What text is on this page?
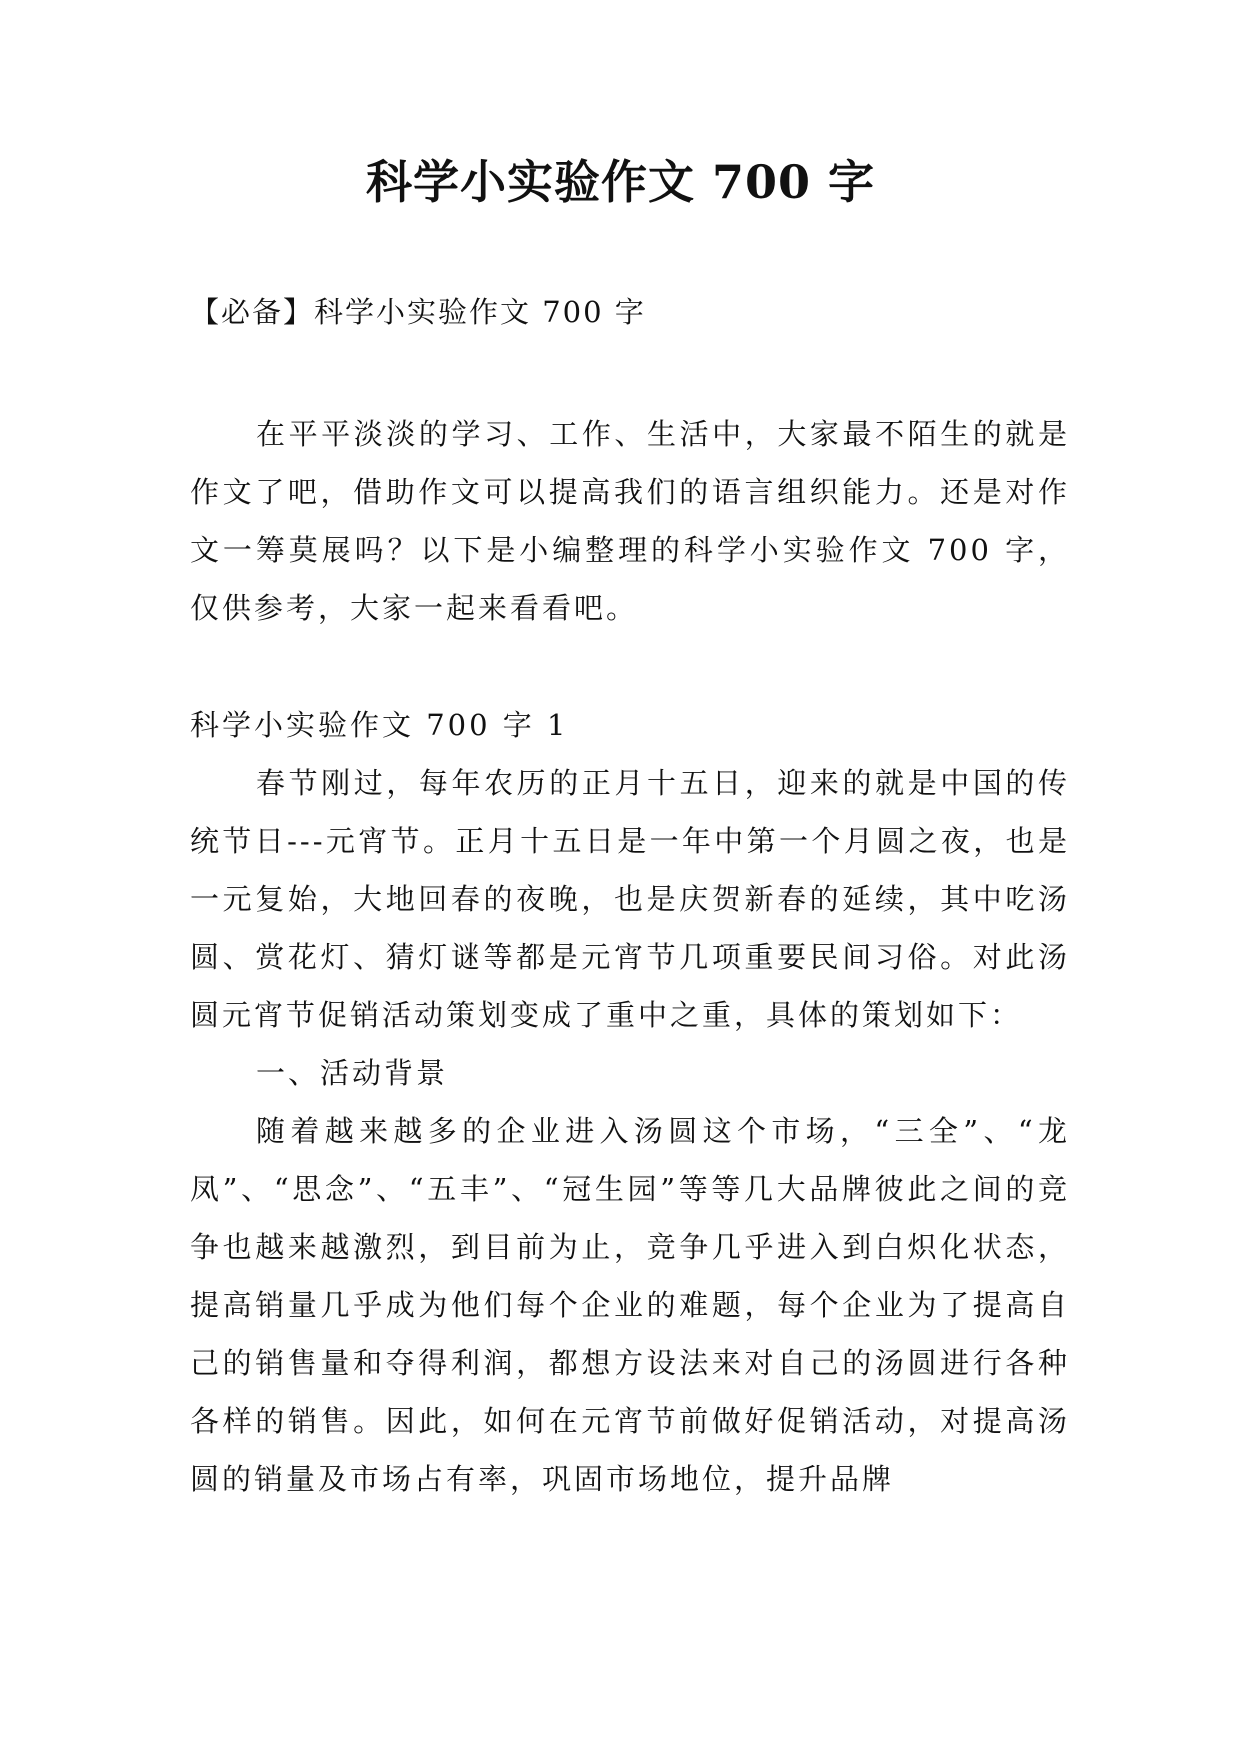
科学小实验作文 700 字

【必备】科学小实验作文 700 字

在平平淡淡的学习、工作、生活中，大家最不陌生的就是作文了吧，借助作文可以提高我们的语言组织能力。还是对作文一筹莫展吗？以下是小编整理的科学小实验作文 700 字，仅供参考，大家一起来看看吧。

科学小实验作文 700 字 1

春节刚过，每年农历的正月十五日，迎来的就是中国的传统节日---元宵节。正月十五日是一年中第一个月圆之夜，也是一元复始，大地回春的夜晚，也是庆贺新春的延续，其中吃汤圆、赏花灯、猜灯谜等都是元宵节几项重要民间习俗。对此汤圆元宵节促销活动策划变成了重中之重，具体的策划如下：

一、活动背景

随着越来越多的企业进入汤圆这个市场，“三全”、“龙凤”、“思念”、“五丰”、“冠生园”等等几大品牌彼此之间的竞争也越来越激烈，到目前为止，竞争几乎进入到白炽化状态，提高销量几乎成为他们每个企业的难题，每个企业为了提高自己的销售量和夺得利润，都想方设法来对自己的汤圆进行各种各样的销售。因此，如何在元宵节前做好促销活动，对提高汤圆的销量及市场占有率，巩固市场地位，提升品牌
